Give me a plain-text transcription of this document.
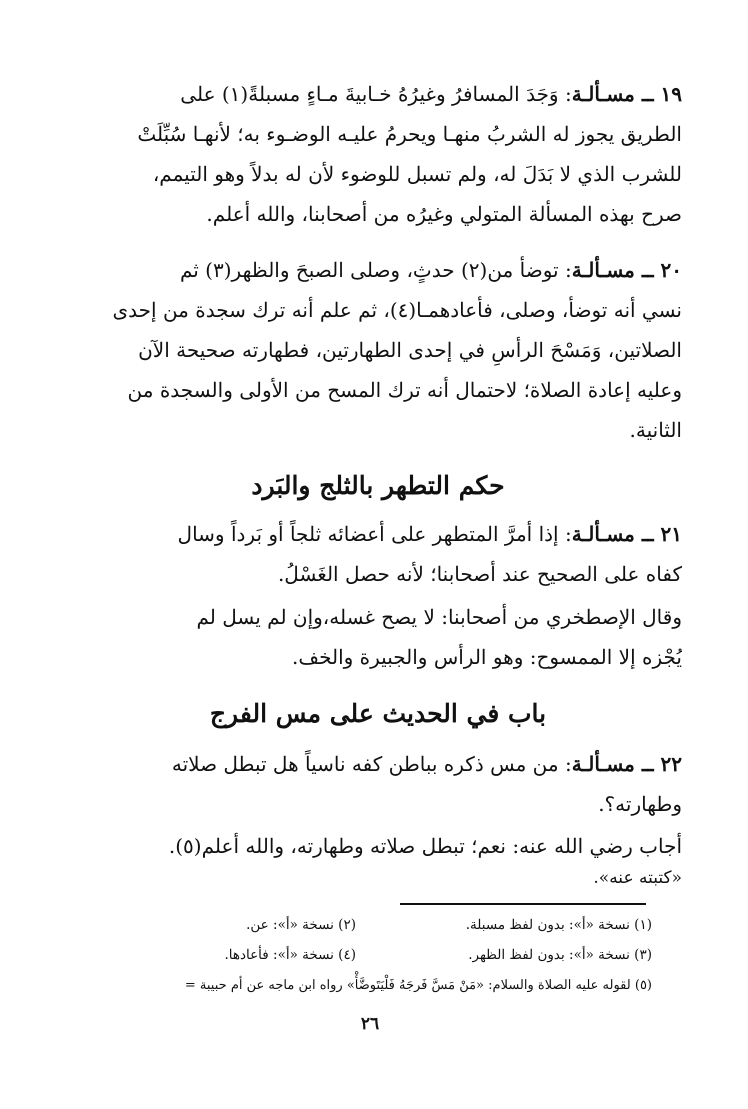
١٩ ــ مسـألـة: وَجَدَ المسافرُ وغيرُهُ خـابيةَ مـاءٍ مسبلةً(١) على
الطريق يجوز له الشربُ منهـا ويحرمُ عليـه الوضـوء به؛ لأنهـا سُبِّلَتْ
للشرب الذي لا بَدَلَ له، ولم تسبل للوضوء لأن له بدلاً وهو التيمم،
صرح بهذه المسألة المتولي وغيرُه من أصحابنا، والله أعلم.
٢٠ ــ مسـألـة: توضأ من(٢) حدثٍ، وصلى الصبحَ والظهر(٣) ثم
نسي أنه توضأ، وصلى، فأعادهمـا(٤)، ثم علم أنه ترك سجدة من إحدى
الصلاتين، وَمَسْحَ الرأسِ في إحدى الطهارتين، فطهارته صحيحة الآن
وعليه إعادة الصلاة؛ لاحتمال أنه ترك المسح من الأولى والسجدة من
الثانية.
حكم التطهر بالثلج والبَرد
٢١ ــ مسـألـة: إذا أمرَّ المتطهر على أعضائه ثلجاً أو بَرداً وسال
كفاه على الصحيح عند أصحابنا؛ لأنه حصل الغَسْلُ.
وقال الإصطخري من أصحابنا: لا يصح غسله،وإن لم يسل لم
يُجْزه إلا الممسوح: وهو الرأس والجبيرة والخف.
باب في الحديث على مس الفرج
٢٢ ــ مسـألـة: من مس ذكره بباطن كفه ناسياً هل تبطل صلاته
وطهارته؟.
أجاب رضي الله عنه: نعم؛ تبطل صلاته وطهارته، والله أعلم(٥).
«كتبته عنه».
(١) نسخة «أ»: بدون لفظ مسبلة.
(٢) نسخة «أ»: عن.
(٣) نسخة «أ»: بدون لفظ الظهر.
(٤) نسخة «أ»: فأعادها.
(٥) لقوله عليه الصلاة والسلام: «مَنْ مَسَّ فَرجَهُ فَلْيَتَوضَّأْ» رواه ابن ماجه عن أم حبيبة =
٢٦
